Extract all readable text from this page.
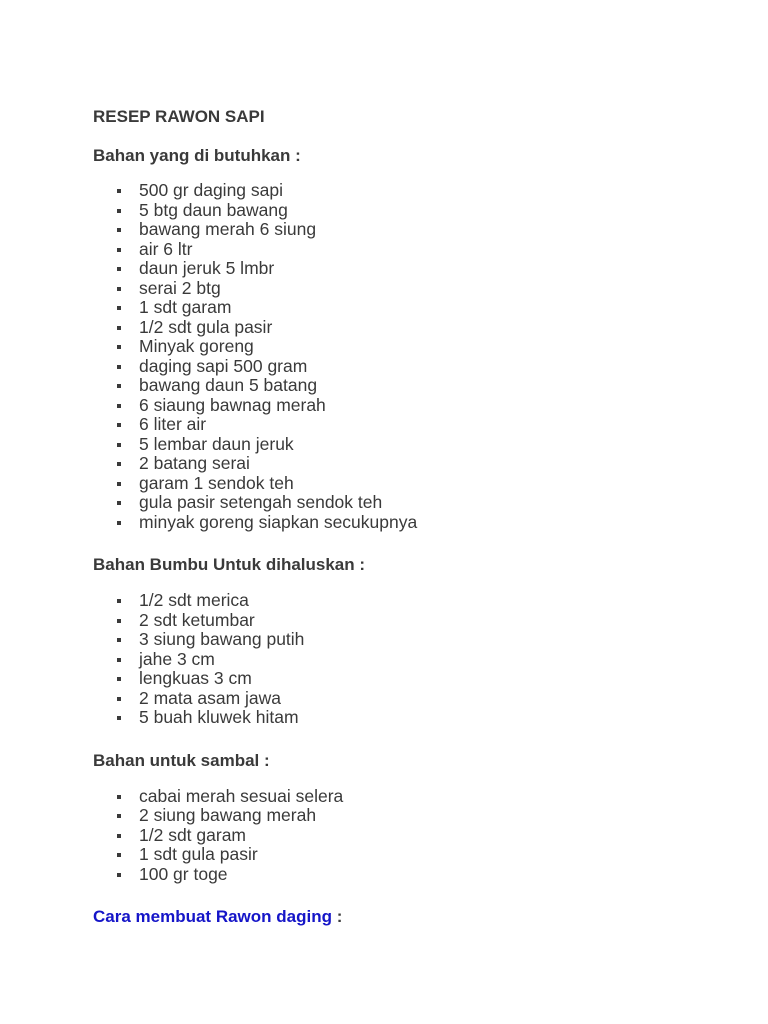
RESEP RAWON SAPI
Bahan yang di butuhkan :
500 gr daging sapi
5 btg daun bawang
bawang merah 6 siung
air 6 ltr
daun jeruk 5 lmbr
serai 2 btg
1 sdt garam
1/2 sdt gula pasir
Minyak goreng
daging sapi 500 gram
bawang daun 5 batang
6 siaung bawnag merah
6 liter air
5 lembar daun jeruk
2 batang serai
garam 1 sendok teh
gula pasir setengah sendok teh
minyak goreng siapkan secukupnya
Bahan Bumbu Untuk dihaluskan :
1/2 sdt merica
2 sdt ketumbar
3 siung bawang putih
jahe 3 cm
lengkuas 3 cm
2 mata asam jawa
5 buah kluwek hitam
Bahan untuk sambal :
cabai merah sesuai selera
2 siung bawang merah
1/2 sdt garam
1 sdt gula pasir
100 gr toge
Cara membuat Rawon daging :
